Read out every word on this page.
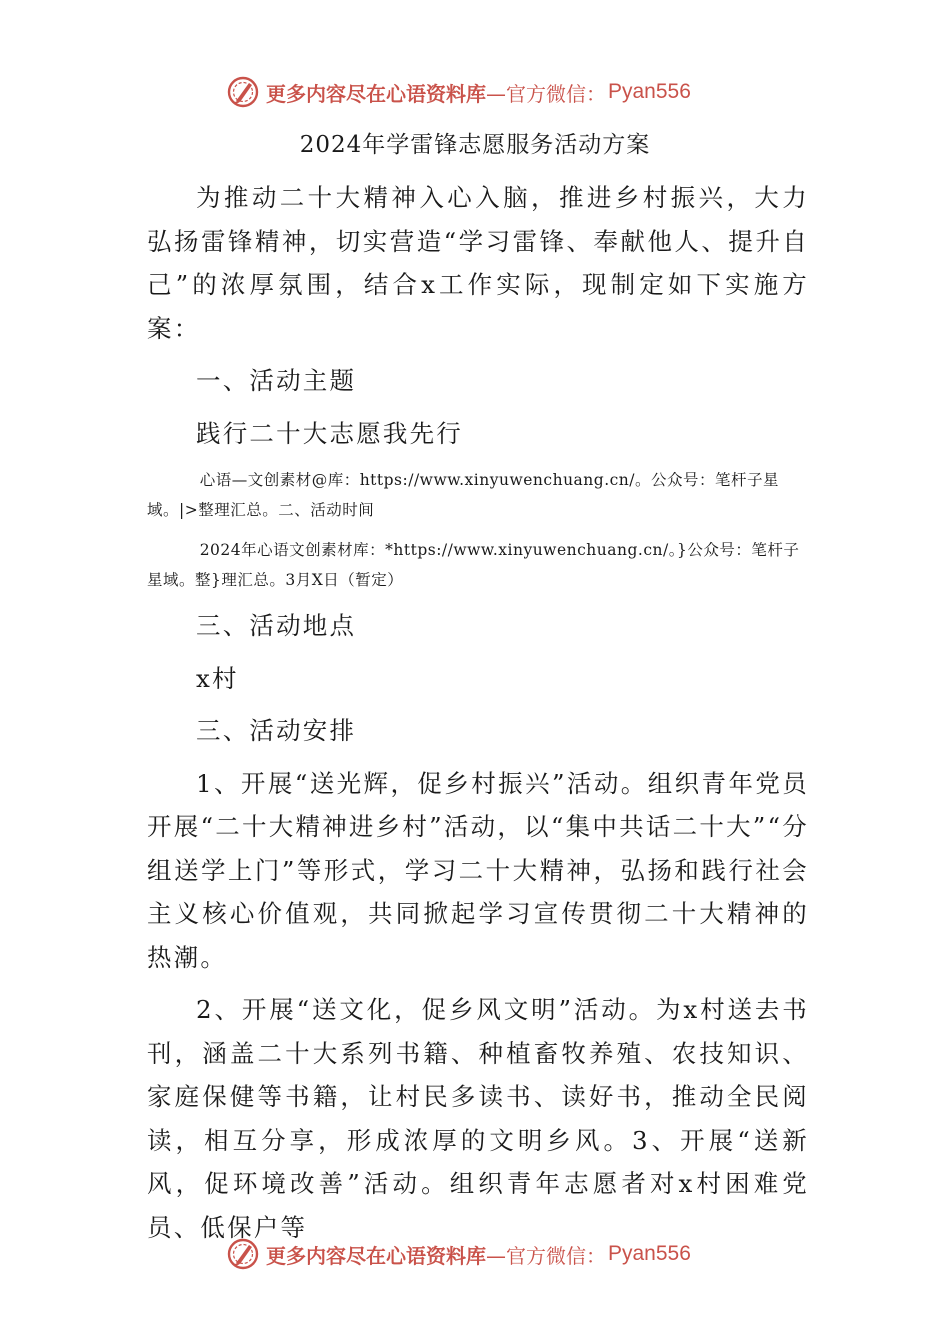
更多内容尽在心语资料库 —官方微信： Pyan556
2024年学雷锋志愿服务活动方案

为推动二十大精神入心入脑，推进乡村振兴，大力弘扬雷锋精神，切实营造“学习雷锋、奉献他人、提升自己”的浓厚氛围，结合x工作实际，现制定如下实施方案：

一、活动主题

践行二十大志愿我先行

心语—文创素材@库：https://www.xinyuwenchuang.cn/。公众号：笔杆子星域。|>整理汇总。二、活动时间

2024年心语文创素材库：*https://www.xinyuwenchuang.cn/。}公众号：笔杆子星域。整}理汇总。3月X日（暂定）

三、活动地点

x村

三、活动安排

1、开展“送光辉，促乡村振兴”活动。组织青年党员开展“二十大精神进乡村”活动，以“集中共话二十大”“分组送学上门”等形式，学习二十大精神，弘扬和践行社会主义核心价值观，共同掀起学习宣传贯彻二十大精神的热潮。

2、开展“送文化，促乡风文明”活动。为x村送去书刊，涵盖二十大系列书籍、种植畜牧养殖、农技知识、家庭保健等书籍，让村民多读书、读好书，推动全民阅读，相互分享，形成浓厚的文明乡风。3、开展“送新风，促环境改善”活动。组织青年志愿者对x村困难党员、低保户等

更多内容尽在心语资料库 —官方微信： Pyan556
